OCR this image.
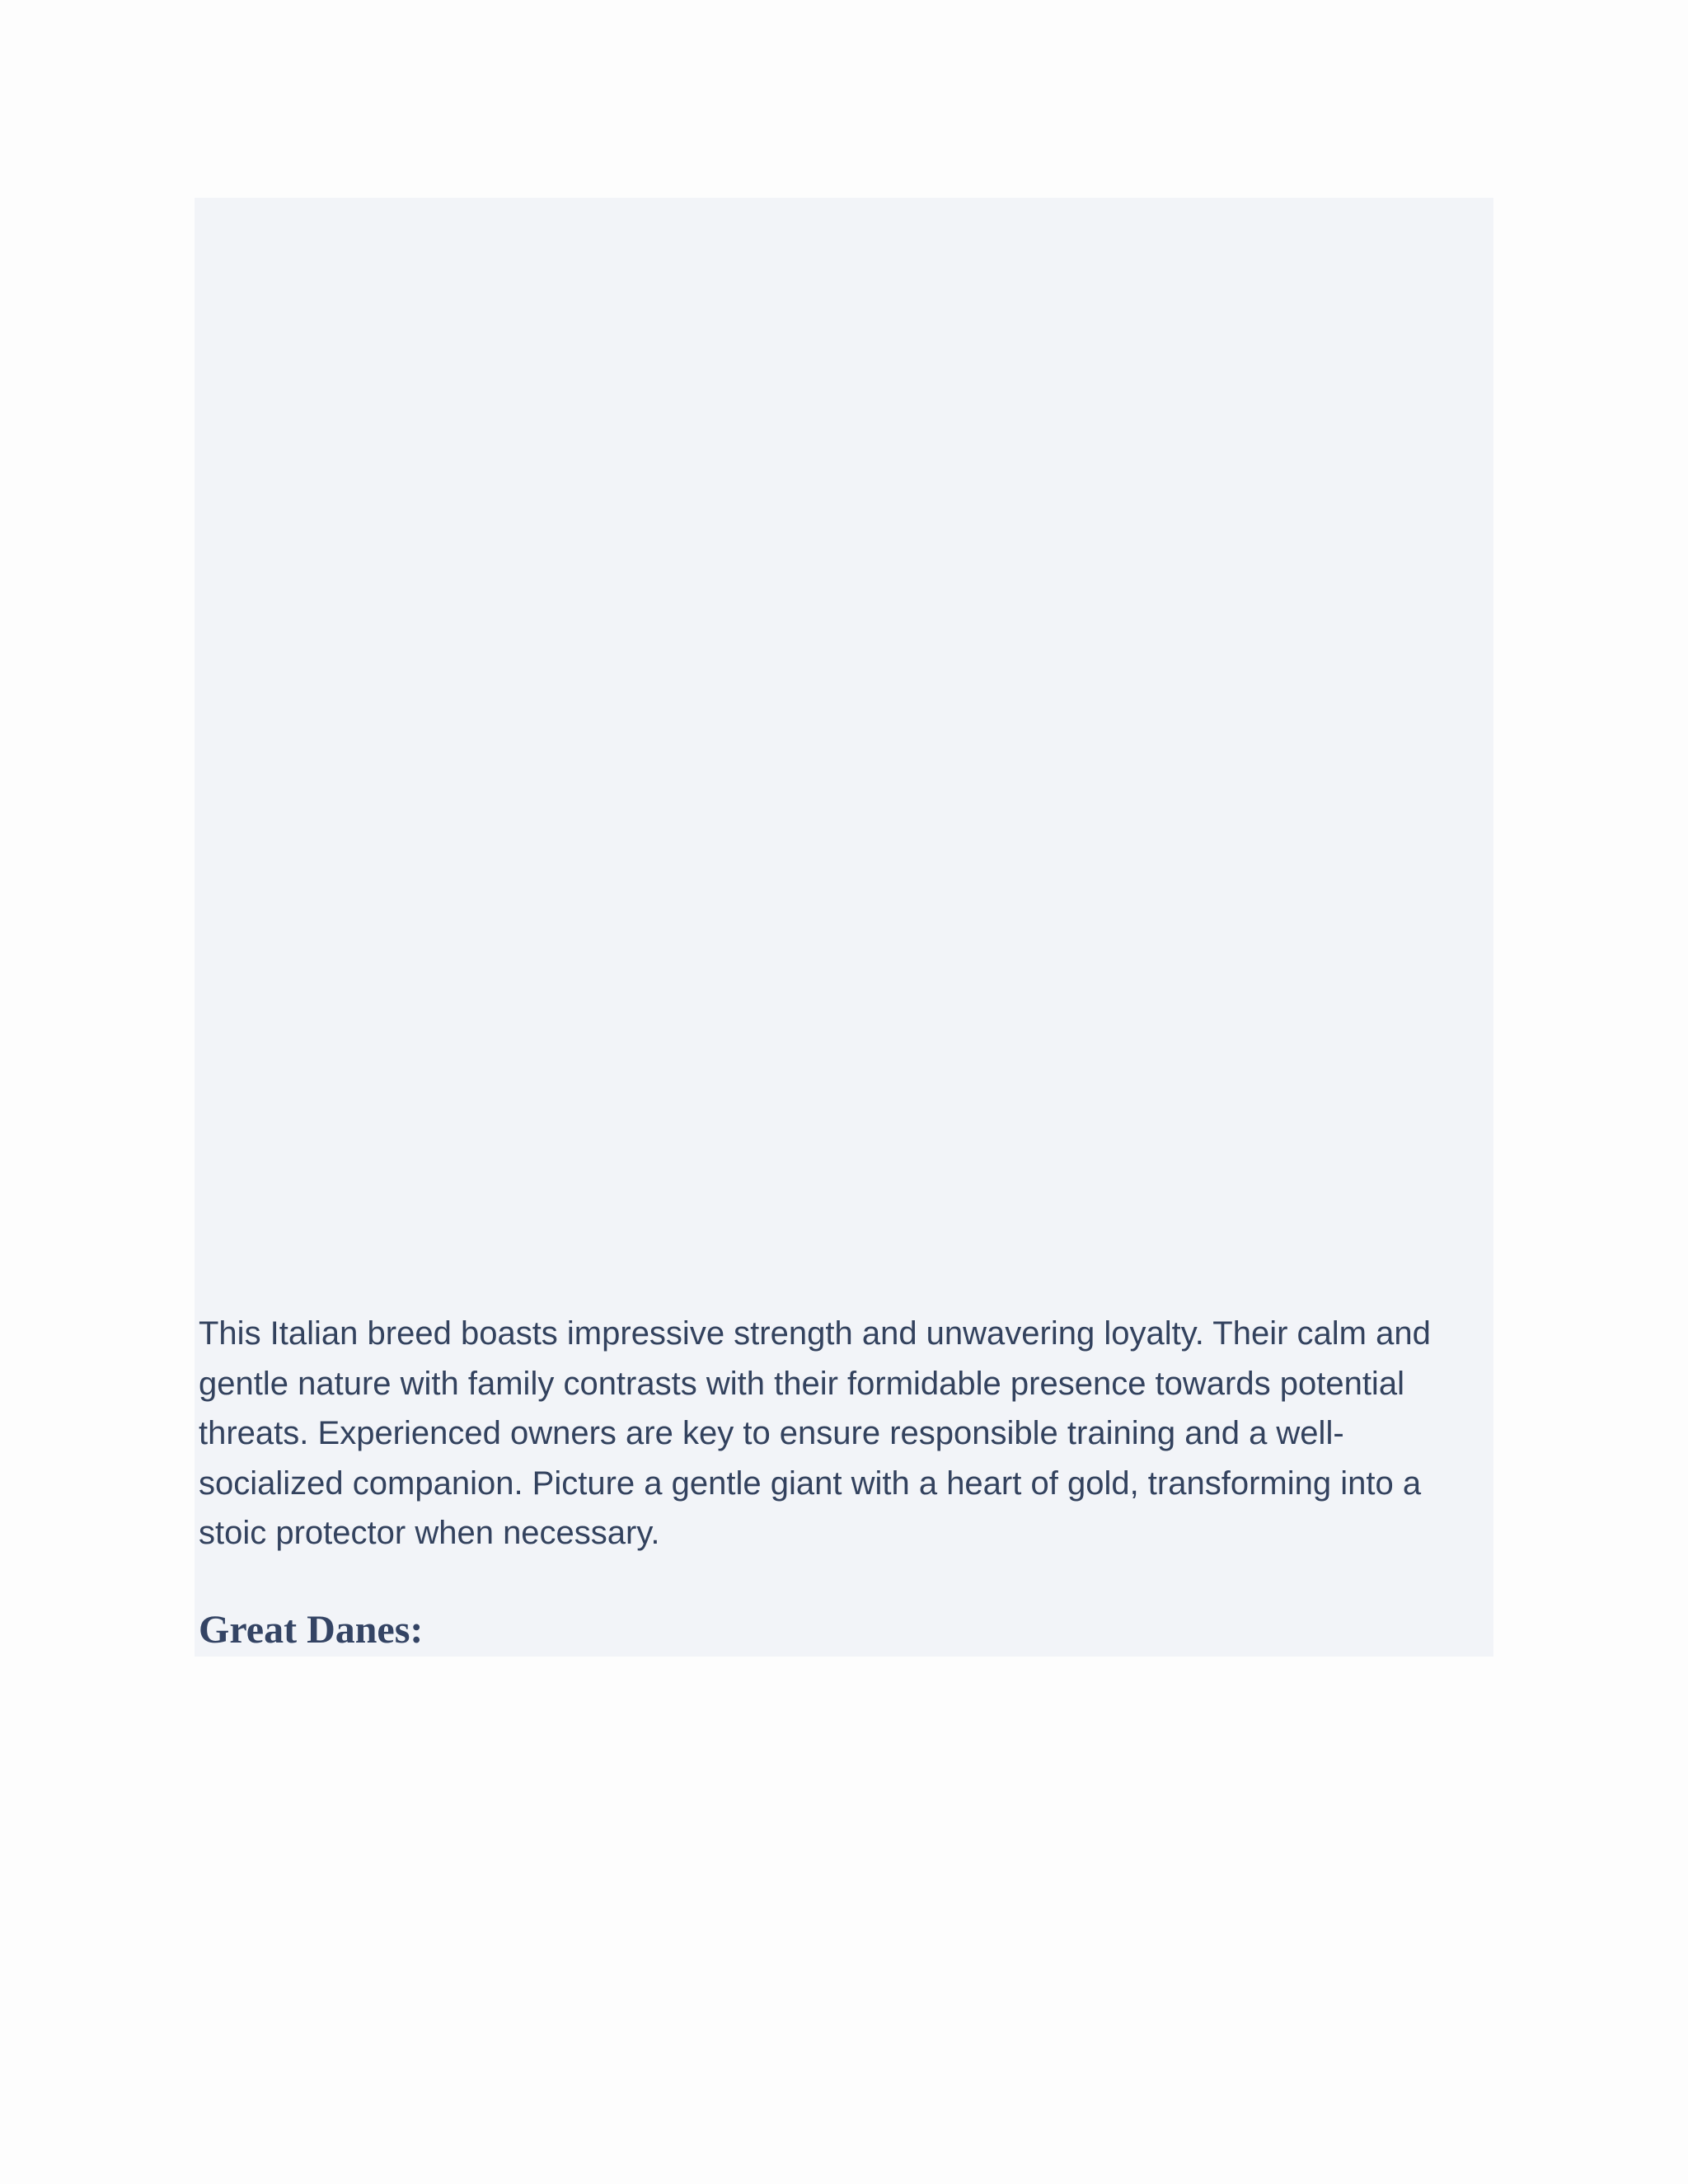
This Italian breed boasts impressive strength and unwavering loyalty. Their calm and gentle nature with family contrasts with their formidable presence towards potential threats. Experienced owners are key to ensure responsible training and a well-socialized companion. Picture a gentle giant with a heart of gold, transforming into a stoic protector when necessary.

Great Danes:
